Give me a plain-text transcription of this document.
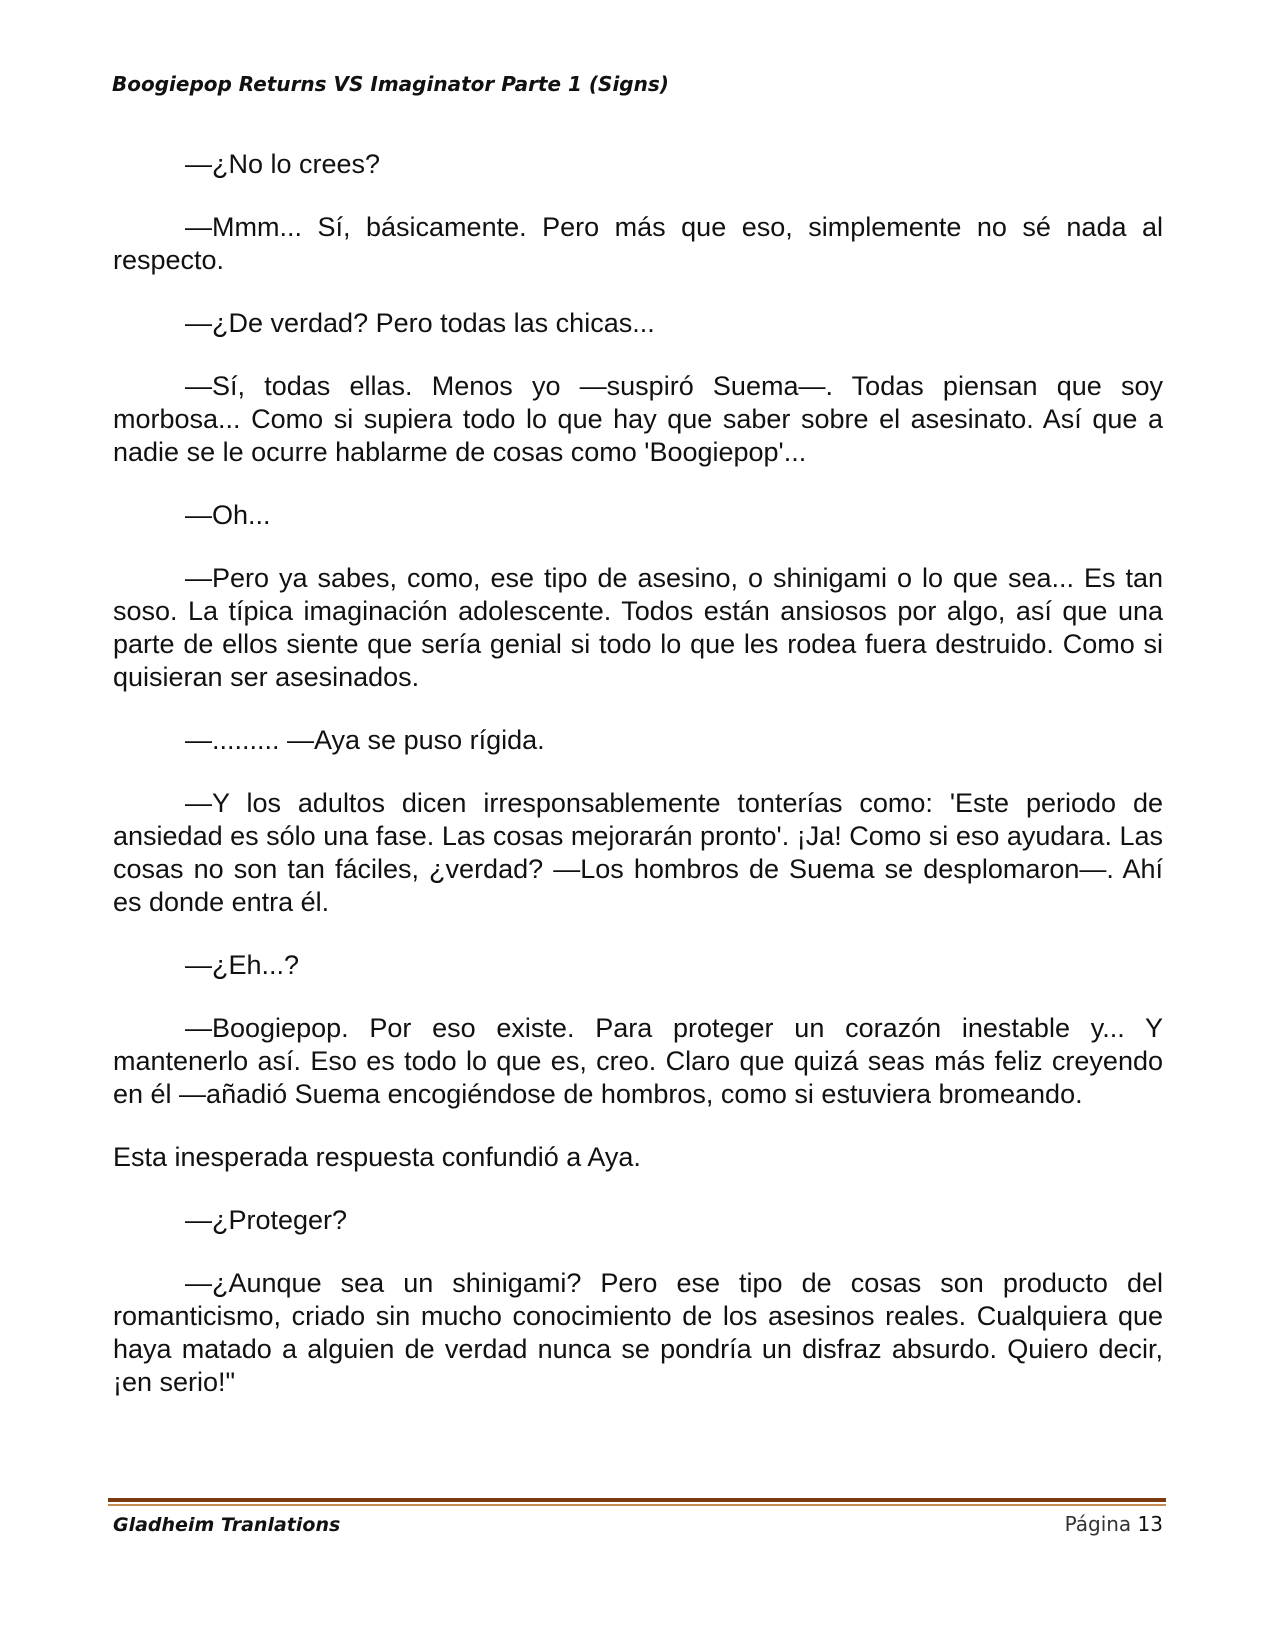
Boogiepop Returns VS Imaginator Parte 1 (Signs)

—¿No lo crees?

—Mmm... Sí, básicamente. Pero más que eso, simplemente no sé nada al respecto.

—¿De verdad? Pero todas las chicas...

—Sí, todas ellas. Menos yo —suspiró Suema—. Todas piensan que soy morbosa... Como si supiera todo lo que hay que saber sobre el asesinato. Así que a nadie se le ocurre hablarme de cosas como 'Boogiepop'...

—Oh...

—Pero ya sabes, como, ese tipo de asesino, o shinigami o lo que sea... Es tan soso. La típica imaginación adolescente. Todos están ansiosos por algo, así que una parte de ellos siente que sería genial si todo lo que les rodea fuera destruido. Como si quisieran ser asesinados.

—......... —Aya se puso rígida.

—Y los adultos dicen irresponsablemente tonterías como: 'Este periodo de ansiedad es sólo una fase. Las cosas mejorarán pronto'. ¡Ja! Como si eso ayudara. Las cosas no son tan fáciles, ¿verdad? —Los hombros de Suema se desplomaron—. Ahí es donde entra él.

—¿Eh...?

—Boogiepop. Por eso existe. Para proteger un corazón inestable y... Y mantenerlo así. Eso es todo lo que es, creo. Claro que quizá seas más feliz creyendo en él —añadió Suema encogiéndose de hombros, como si estuviera bromeando.

Esta inesperada respuesta confundió a Aya.

—¿Proteger?

—¿Aunque sea un shinigami? Pero ese tipo de cosas son producto del romanticismo, criado sin mucho conocimiento de los asesinos reales. Cualquiera que haya matado a alguien de verdad nunca se pondría un disfraz absurdo. Quiero decir, ¡en serio!"

Gladheim Tranlations	Página 13
